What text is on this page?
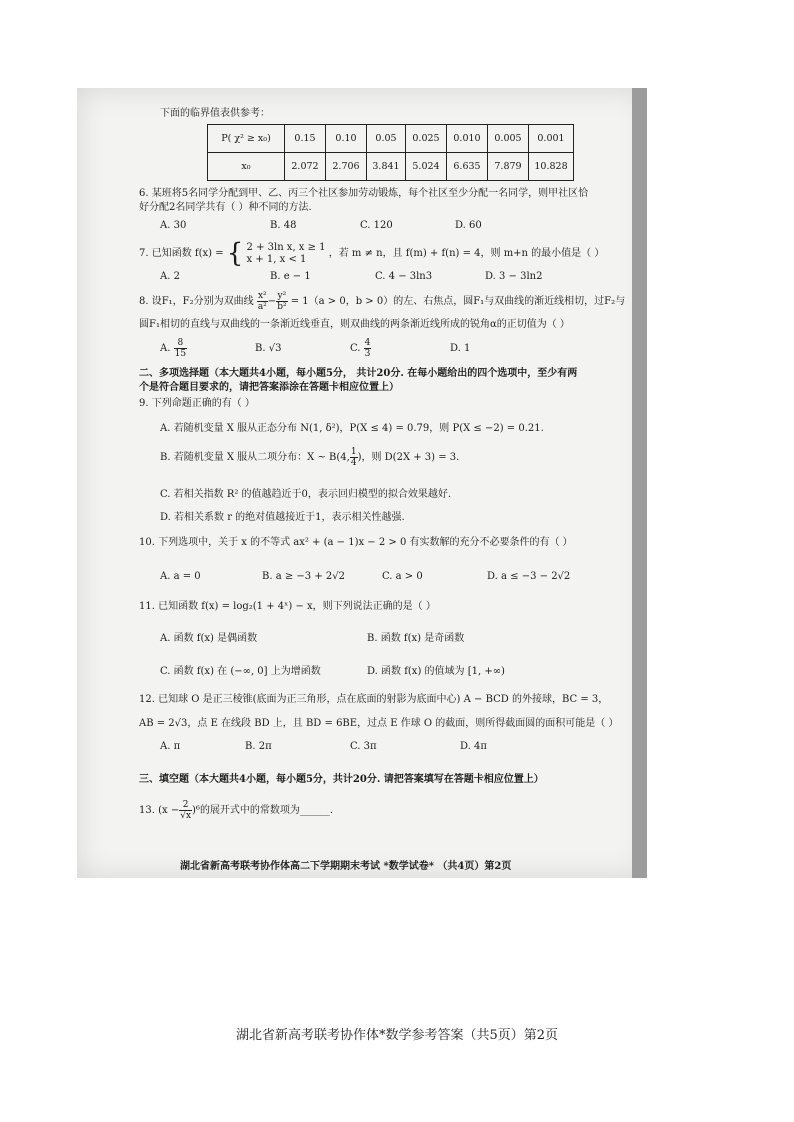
下面的临界值表供参考：
P( χ² ≥ x₀)	0.15	0.10	0.05	0.025	0.010	0.005	0.001
x₀	2.072	2.706	3.841	5.024	6.635	7.879	10.828
6. 某班将5名同学分配到甲、乙、丙三个社区参加劳动锻炼，每个社区至少分配一名同学，则甲社区恰
好分配2名同学共有（ ）种不同的方法.
A. 30	B. 48	C. 120	D. 60
7. 已知函数 f(x) = { 2 + 3ln x, x ≥ 1
x + 1, x < 1	，若 m ≠ n，且 f(m) + f(n) = 4，则 m+n 的最小值是（ ）
A. 2	B. e − 1	C. 4 − 3ln3	D. 3 − 3ln2
8. 设F₁，F₂分别为双曲线 $\frac{\text{x²}}{\text{a²}} - \frac{\text{y²}}{\text{b²}} = 1(a > 0$，b > 0）的左、右焦点，圆F₁与双曲线的渐近线相切，过F₂与
圆F₁相切的直线与双曲线的一条渐近线垂直，则双曲线的两条渐近线所成的锐角α的正切值为（ ）
A. $\frac{8}{15}$	B. √3	C. $\frac{4}{3}$	D. 1
二、多项选择题（本大题共4小题，每小题5分， 共计20分. 在每小题给出的四个选项中，至少有两
个是符合题目要求的，请把答案添涂在答题卡相应位置上）
9. 下列命题正确的有（ ）
A. 若随机变量 X 服从正态分布 N(1, δ²)，P(X ≤ 4) = 0.79，则 P(X ≤ −2) = 0.21.
B. 若随机变量 X 服从二项分布：X ~ B(4, $\frac{1}{4}$ )，则 D(2X + 3) = 3.
C. 若相关指数 R² 的值越趋近于0，表示回归模型的拟合效果越好.
D. 若相关系数 r 的绝对值越接近于1，表示相关性越强.
10. 下列选项中，关于 x 的不等式 ax² + (a − 1)x − 2 > 0 有实数解的充分不必要条件的有（ ）
A. a = 0	B. a ≥ −3 + 2√2	C. a > 0	D. a ≤ −3 − 2√2
11. 已知函数 f(x) = log₂(1 + 4ˣ) − x，则下列说法正确的是（ ）
A. 函数 f(x) 是偶函数	B. 函数 f(x) 是奇函数
C. 函数 f(x) 在 (−∞, 0] 上为增函数	D. 函数 f(x) 的值域为 [1, +∞)
12. 已知球 O 是正三棱锥(底面为正三角形，点在底面的射影为底面中心) A − BCD 的外接球，BC = 3，
AB = 2√3，点 E 在线段 BD 上，且 BD = 6BE，过点 E 作球 O 的截面，则所得截面圆的面积可能是（ ）
A. π	B. 2π	C. 3π	D. 4π
三、填空题（本大题共4小题，每小题5分，共计20分. 请把答案填写在答题卡相应位置上）
13. $(x - \frac{2}{√x} )^6$的展开式中的常数项为______.
湖北省新高考联考协作体高二下学期期末考试 *数学试卷* （共4页）第2页
湖北省新高考联考协作体*数学参考答案（共5页）第2页
